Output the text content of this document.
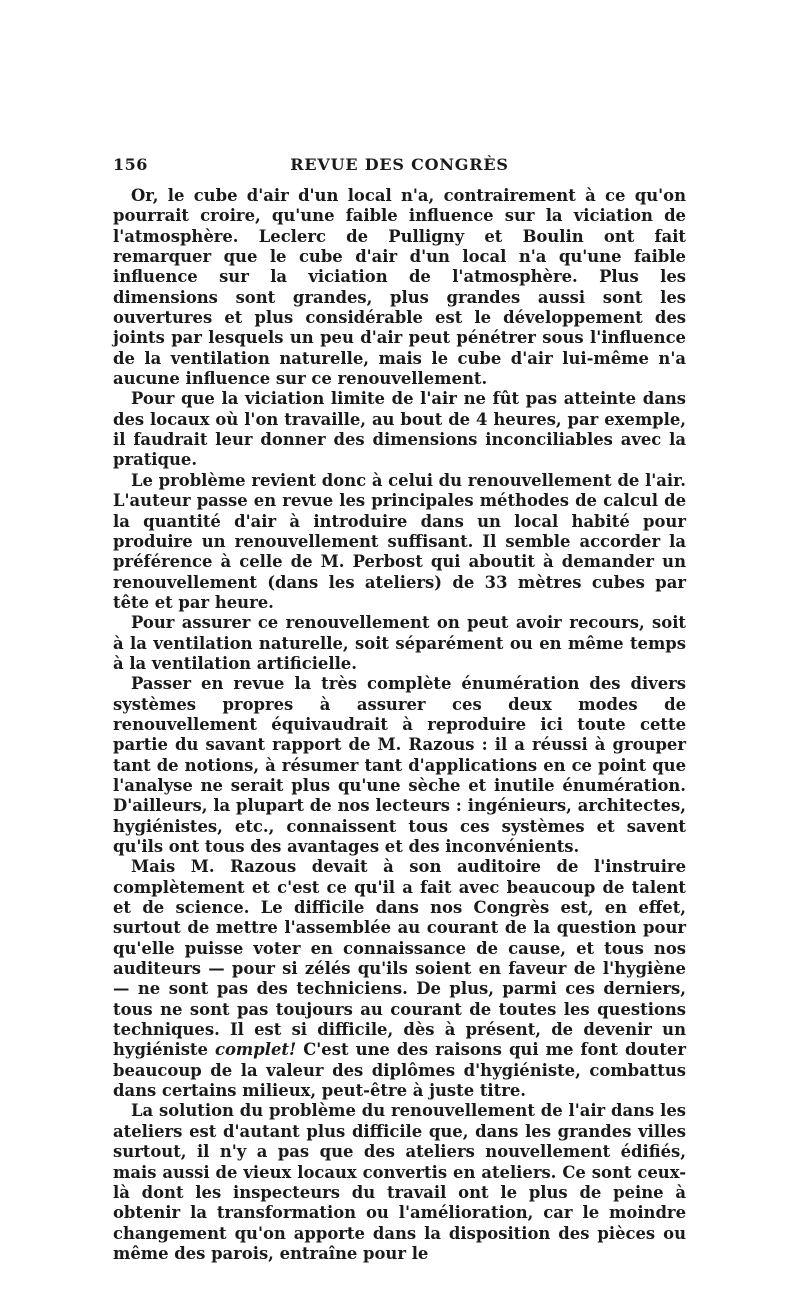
156	REVUE DES CONGRÈS

Or, le cube d'air d'un local n'a, contrairement à ce qu'on pourrait croire, qu'une faible influence sur la viciation de l'atmosphère. Leclerc de Pulligny et Boulin ont fait remarquer que le cube d'air d'un local n'a qu'une faible influence sur la viciation de l'atmosphère. Plus les dimensions sont grandes, plus grandes aussi sont les ouvertures et plus considérable est le développement des joints par lesquels un peu d'air peut pénétrer sous l'influence de la ventilation naturelle, mais le cube d'air lui-même n'a aucune influence sur ce renouvellement.

Pour que la viciation limite de l'air ne fût pas atteinte dans des locaux où l'on travaille, au bout de 4 heures, par exemple, il faudrait leur donner des dimensions inconciliables avec la pratique.

Le problème revient donc à celui du renouvellement de l'air. L'auteur passe en revue les principales méthodes de calcul de la quantité d'air à introduire dans un local habité pour produire un renouvellement suffisant. Il semble accorder la préférence à celle de M. Perbost qui aboutit à demander un renouvellement (dans les ateliers) de 33 mètres cubes par tête et par heure.

Pour assurer ce renouvellement on peut avoir recours, soit à la ventilation naturelle, soit séparément ou en même temps à la ventilation artificielle.

Passer en revue la très complète énumération des divers systèmes propres à assurer ces deux modes de renouvellement équivaudrait à reproduire ici toute cette partie du savant rapport de M. Razous : il a réussi à grouper tant de notions, à résumer tant d'applications en ce point que l'analyse ne serait plus qu'une sèche et inutile énumération. D'ailleurs, la plupart de nos lecteurs : ingénieurs, architectes, hygiénistes, etc., connaissent tous ces systèmes et savent qu'ils ont tous des avantages et des inconvénients.

Mais M. Razous devait à son auditoire de l'instruire complètement et c'est ce qu'il a fait avec beaucoup de talent et de science. Le difficile dans nos Congrès est, en effet, surtout de mettre l'assemblée au courant de la question pour qu'elle puisse voter en connaissance de cause, et tous nos auditeurs — pour si zélés qu'ils soient en faveur de l'hygiène — ne sont pas des techniciens. De plus, parmi ces derniers, tous ne sont pas toujours au courant de toutes les questions techniques. Il est si difficile, dès à présent, de devenir un hygiéniste complet! C'est une des raisons qui me font douter beaucoup de la valeur des diplômes d'hygiéniste, combattus dans certains milieux, peut-être à juste titre.

La solution du problème du renouvellement de l'air dans les ateliers est d'autant plus difficile que, dans les grandes villes surtout, il n'y a pas que des ateliers nouvellement édifiés, mais aussi de vieux locaux convertis en ateliers. Ce sont ceux-là dont les inspecteurs du travail ont le plus de peine à obtenir la transformation ou l'amélioration, car le moindre changement qu'on apporte dans la disposition des pièces ou même des parois, entraîne pour le
